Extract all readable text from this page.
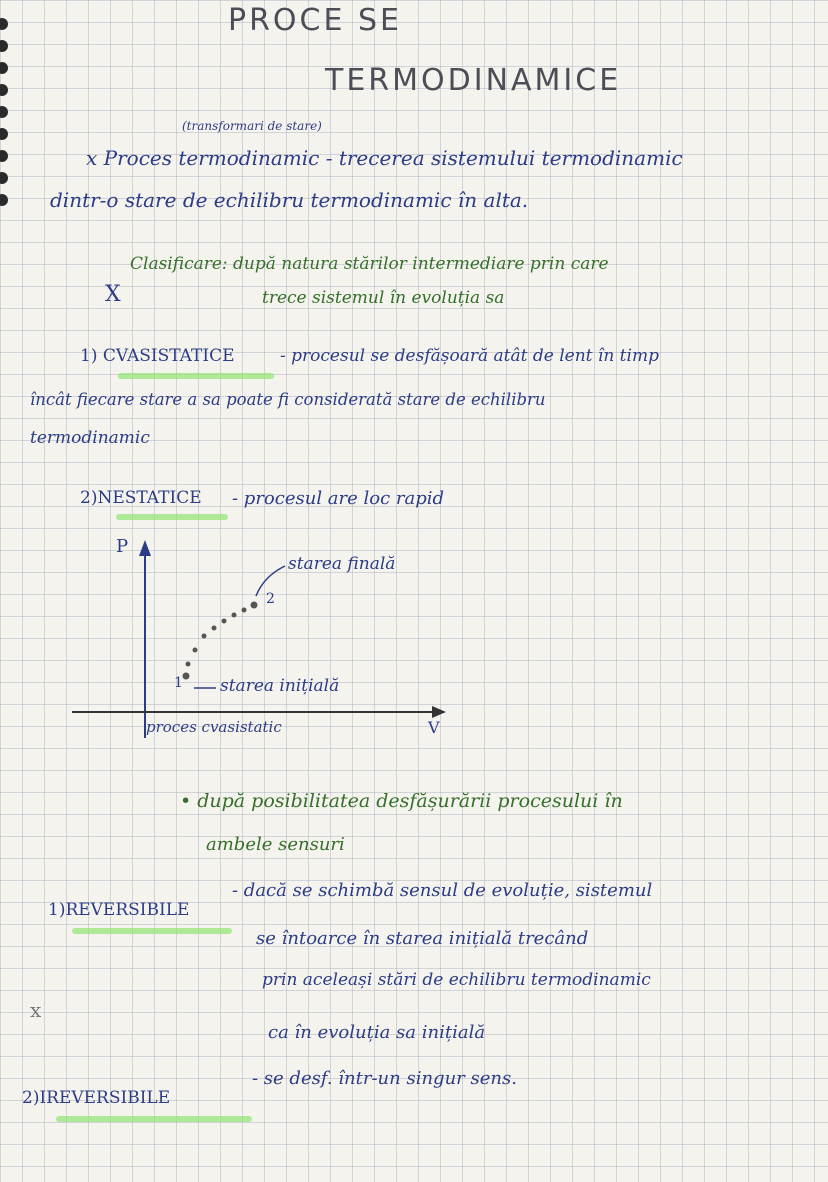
PROCE SE
TERMODINAMICE
(transformari de stare)
x Proces termodinamic - trecerea sistemului termodinamic
dintr-o stare de echilibru termodinamic în alta.
Clasificare: după natura stărilor intermediare prin care
X	trece sistemul în evoluția sa
1) CVASISTATICE	- procesul se desfășoară atât de lent în timp
încât fiecare stare a sa poate fi considerată stare de echilibru
termodinamic
2)NESTATICE - procesul are loc rapid
P
V
1
2
starea finală
starea inițială
proces cvasistatic
• după posibilitatea desfășurării procesului în
ambele sensuri
1)REVERSIBILE
- dacă se schimbă sensul de evoluție, sistemul
se întoarce în starea inițială trecând
prin aceleași stări de echilibru termodinamic
x
ca în evoluția sa inițială
2)IREVERSIBILE
- se desf. într-un singur sens.
